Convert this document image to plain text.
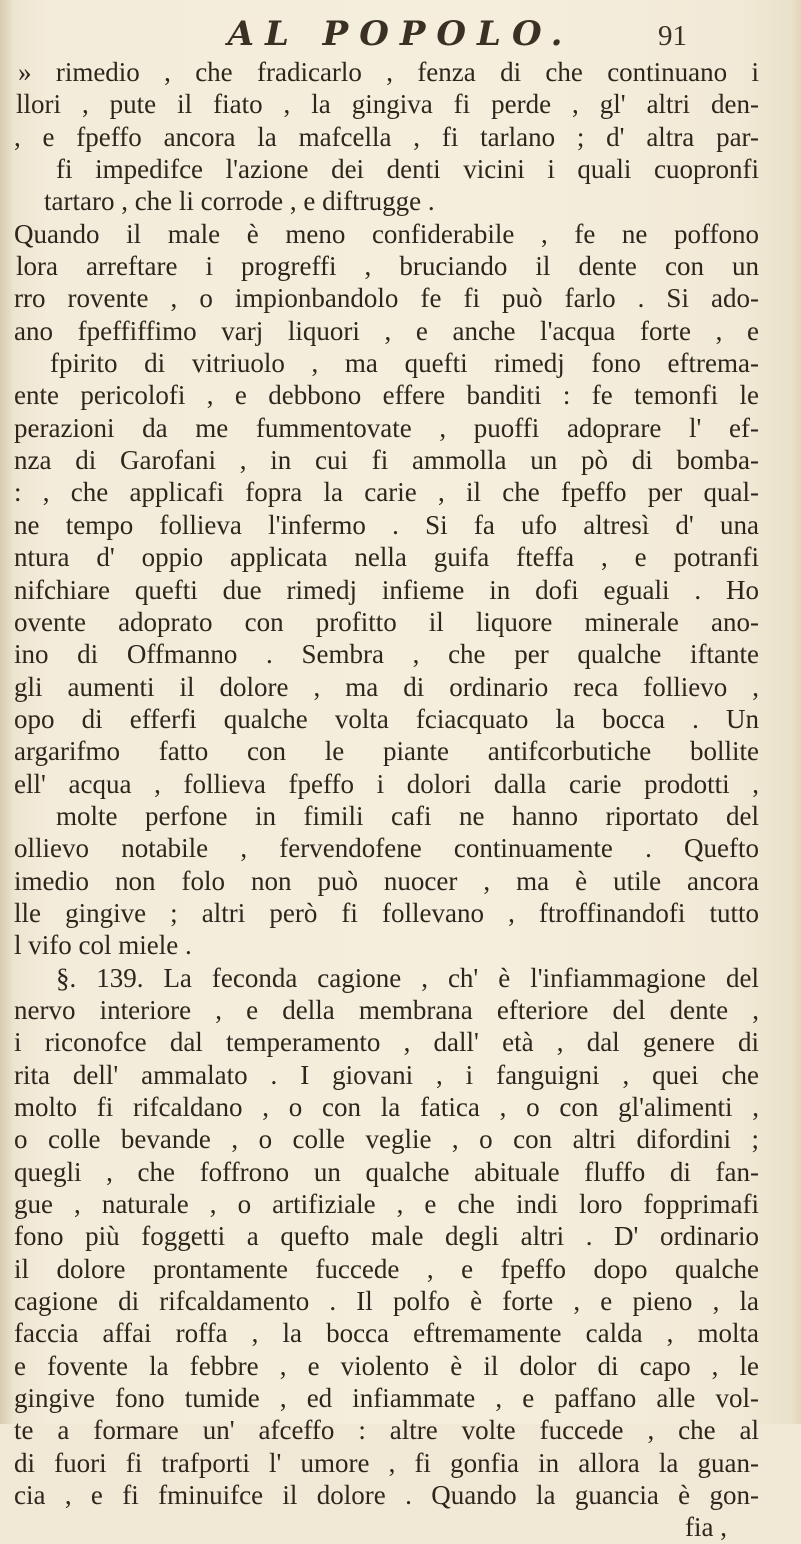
AL POPOLO.	91
» rimedio , che fradicarlo , fenza di che continuano i
llori , pute il fiato , la gingiva fi perde , gl' altri den-
, e fpeffo ancora la mafcella , fi tarlano ; d' altra par-
fi impedifce l'azione dei denti vicini i quali cuopronfi
tartaro , che li corrode , e diftrugge .
Quando il male è meno confiderabile , fe ne poffono
lora arreftare i progreffi , bruciando il dente con un
rro rovente , o impionbandolo fe fi può farlo . Si ado-
ano fpeffiffimo varj liquori , e anche l'acqua forte , e
fpirito di vitriuolo , ma quefti rimedj fono eftrema-
ente pericolofi , e debbono effere banditi : fe temonfi le
perazioni da me fummentovate , puoffi adoprare l' ef-
nza di Garofani , in cui fi ammolla un pò di bomba-
: , che applicafi fopra la carie , il che fpeffo per qual-
ne tempo follieva l'infermo . Si fa ufo altresì d' una
ntura d' oppio applicata nella guifa fteffa , e potranfi
nifchiare quefti due rimedj infieme in dofi eguali . Ho
ovente adoprato con profitto il liquore minerale ano-
ino di Offmanno . Sembra , che per qualche iftante
gli aumenti il dolore , ma di ordinario reca follievo ,
opo di efferfi qualche volta fciacquato la bocca . Un
argarifmo fatto con le piante antifcorbutiche bollite
ell' acqua , follieva fpeffo i dolori dalla carie prodotti ,
molte perfone in fimili cafi ne hanno riportato del
ollievo notabile , fervendofene continuamente . Quefto
imedio non folo non può nuocer , ma è utile ancora
lle gingive ; altri però fi follevano , ftroffinandofi tutto
l vifo col miele .
§. 139. La feconda cagione , ch' è l'infiammagione del
nervo interiore , e della membrana efteriore del dente ,
i riconofce dal temperamento , dall' età , dal genere di
rita dell' ammalato . I giovani , i fanguigni , quei che
molto fi rifcaldano , o con la fatica , o con gl'alimenti ,
o colle bevande , o colle veglie , o con altri difordini ;
quegli , che foffrono un qualche abituale fluffo di fan-
gue , naturale , o artifiziale , e che indi loro fopprimafi
fono più foggetti a quefto male degli altri . D' ordinario
il dolore prontamente fuccede , e fpeffo dopo qualche
cagione di rifcaldamento . Il polfo è forte , e pieno , la
faccia affai roffa , la bocca eftremamente calda , molta
e fovente la febbre , e violento è il dolor di capo , le
gingive fono tumide , ed infiammate , e paffano alle vol-
te a formare un' afceffo : altre volte fuccede , che al
di fuori fi trafporti l' umore , fi gonfia in allora la guan-
cia , e fi fminuifce il dolore . Quando la guancia è gon-
fia ,
